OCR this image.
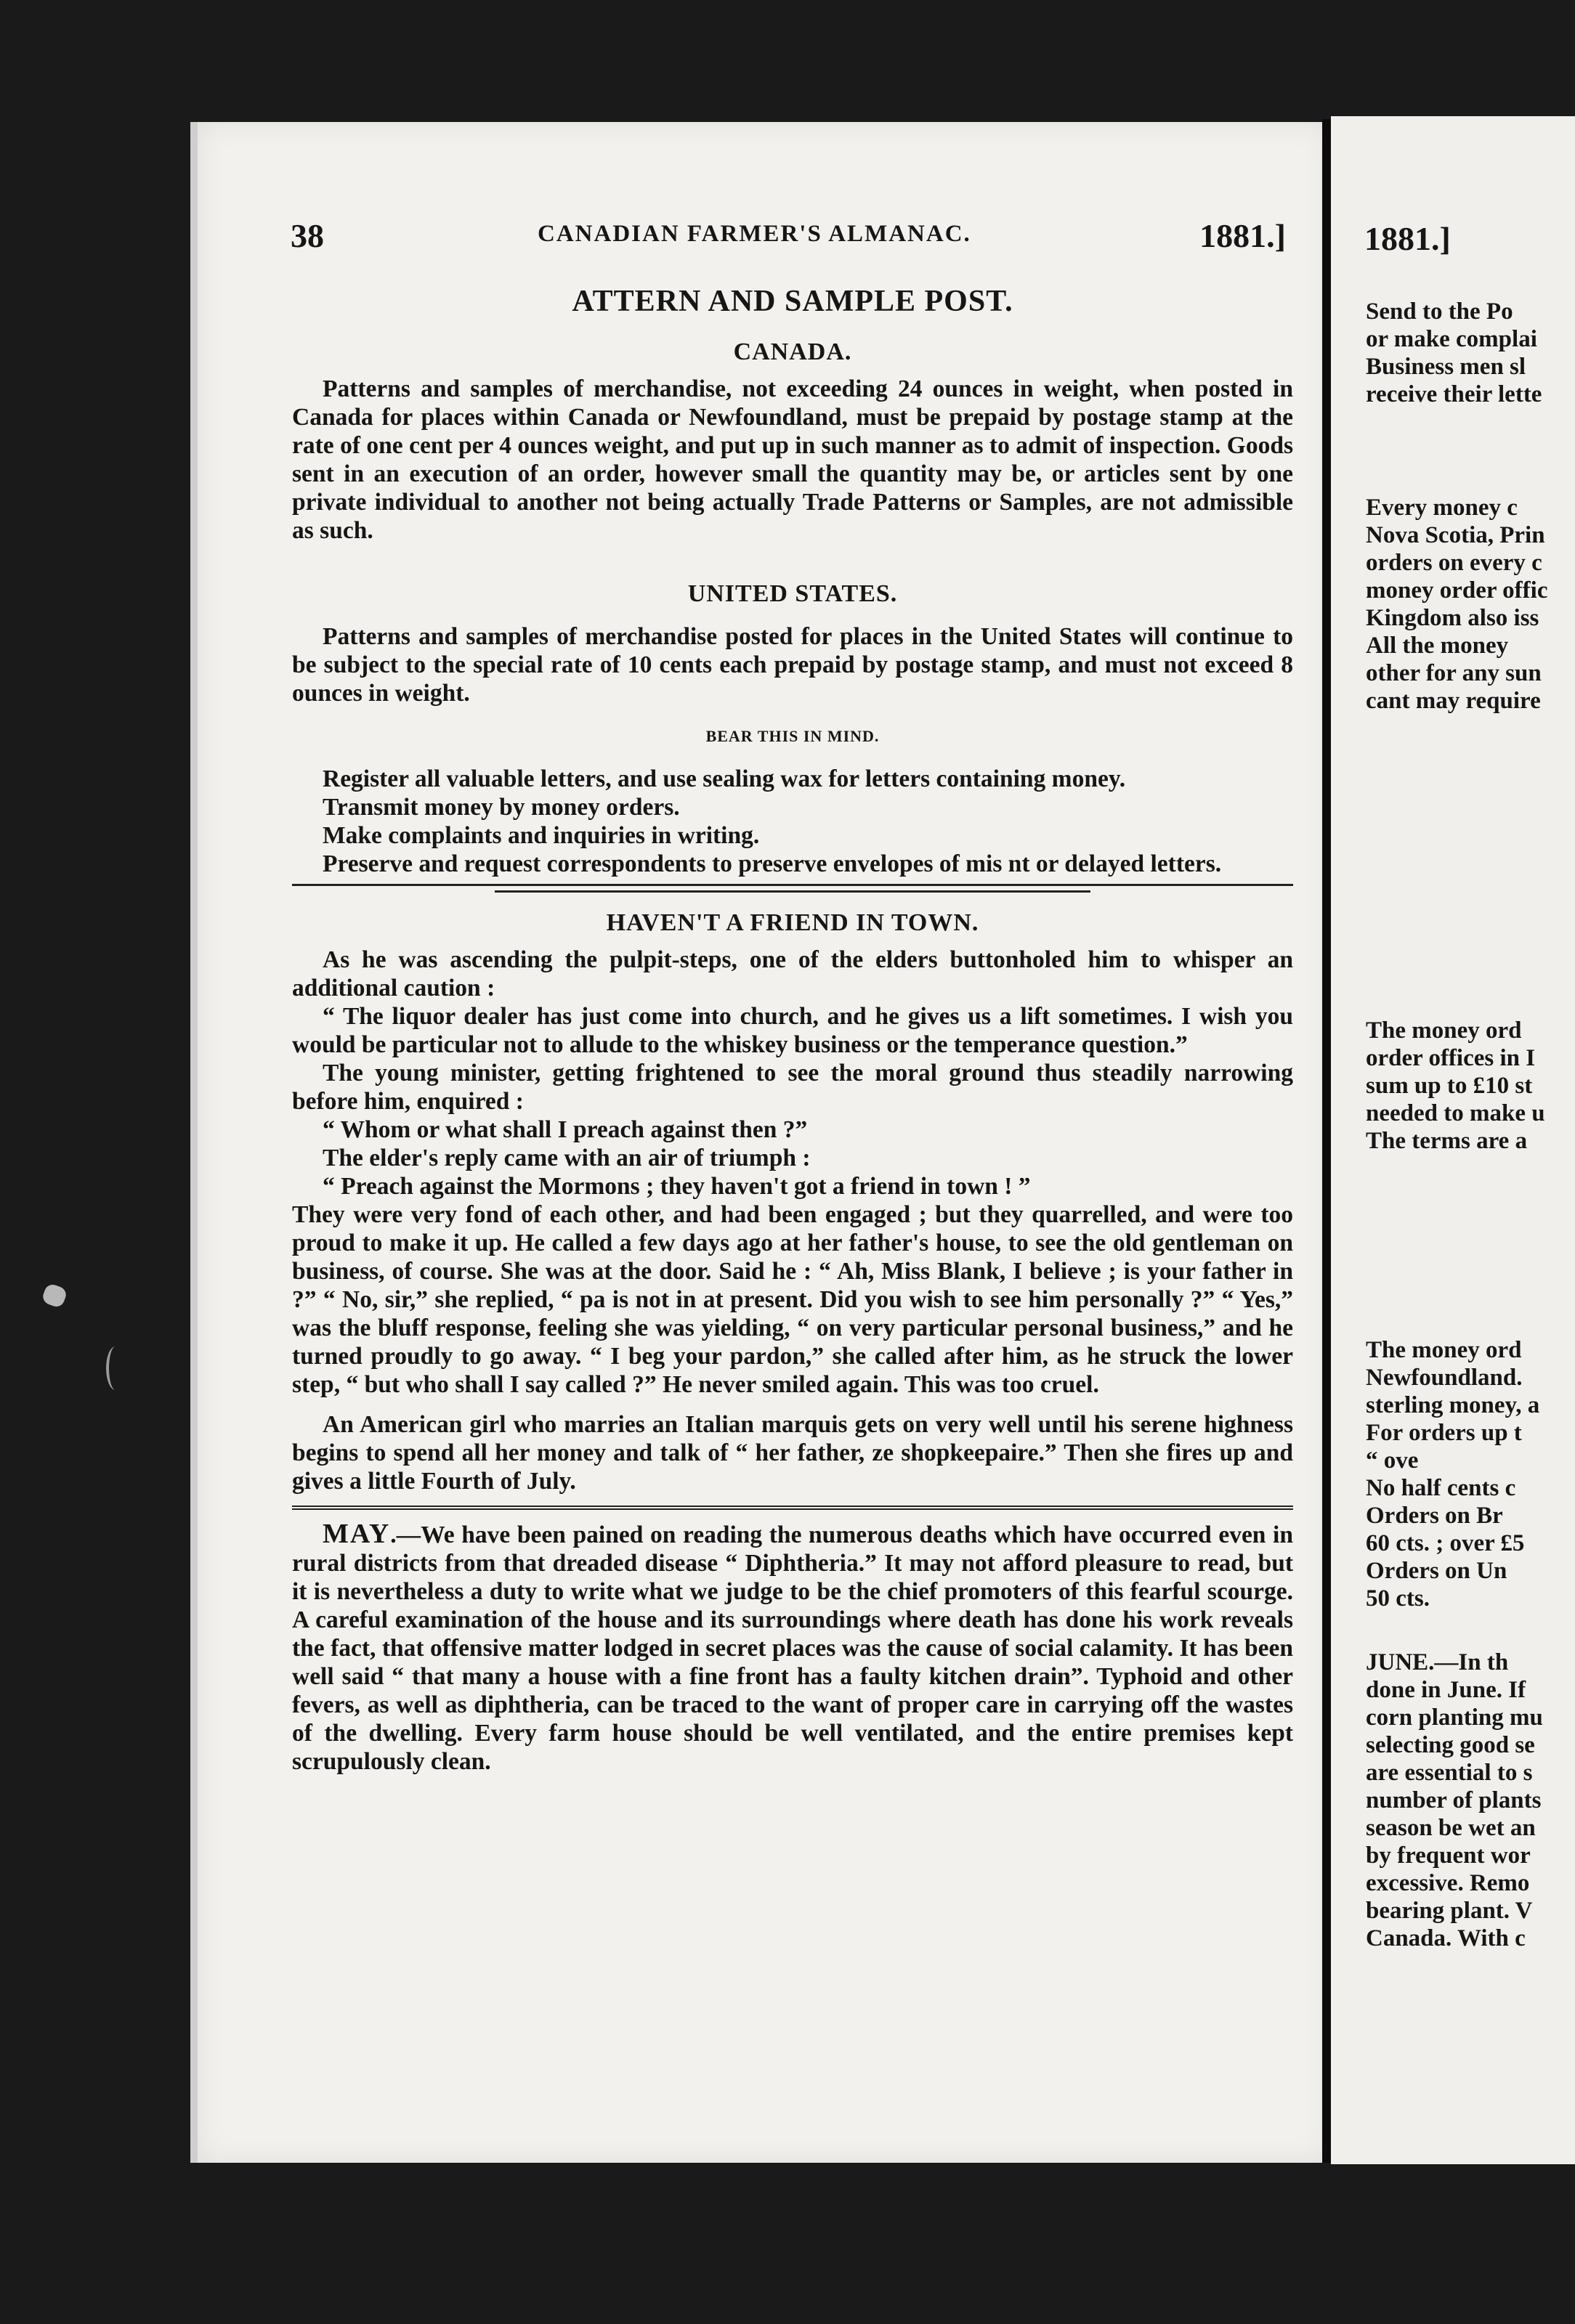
38	CANADIAN FARMER'S ALMANAC.	1881.]
ATTERN AND SAMPLE POST.
CANADA.

Patterns and samples of merchandise, not exceeding 24 ounces in weight, when posted in Canada for places within Canada or Newfoundland, must be prepaid by postage stamp at the rate of one cent per 4 ounces weight, and put up in such manner as to admit of inspection. Goods sent in an execution of an order, however small the quantity may be, or articles sent by one private individual to another not being actually Trade Patterns or Samples, are not admissible as such.

UNITED STATES.

Patterns and samples of merchandise posted for places in the United States will continue to be subject to the special rate of 10 cents each prepaid by postage stamp, and must not exceed 8 ounces in weight.

BEAR THIS IN MIND.

Register all valuable letters, and use sealing wax for letters containing money.

Transmit money by money orders.

Make complaints and inquiries in writing.

Preserve and request correspondents to preserve envelopes of mis nt or delayed letters.

HAVEN'T A FRIEND IN TOWN.

As he was ascending the pulpit-steps, one of the elders buttonholed him to whisper an additional caution :

“ The liquor dealer has just come into church, and he gives us a lift sometimes. I wish you would be particular not to allude to the whiskey business or the temperance question.”

The young minister, getting frightened to see the moral ground thus steadily narrowing before him, enquired :

“ Whom or what shall I preach against then ?”

The elder's reply came with an air of triumph :

“ Preach against the Mormons ; they haven't got a friend in town ! ”

They were very fond of each other, and had been engaged ; but they quarrelled, and were too proud to make it up. He called a few days ago at her father's house, to see the old gentleman on business, of course. She was at the door. Said he : “ Ah, Miss Blank, I believe ; is your father in ?” “ No, sir,” she replied, “ pa is not in at present. Did you wish to see him personally ?” “ Yes,” was the bluff response, feeling she was yielding, “ on very particular personal business,” and he turned proudly to go away. “ I beg your pardon,” she called after him, as he struck the lower step, “ but who shall I say called ?” He never smiled again. This was too cruel.

An American girl who marries an Italian marquis gets on very well until his serene highness begins to spend all her money and talk of “ her father, ze shopkeepaire.” Then she fires up and gives a little Fourth of July.

MAY.—We have been pained on reading the numerous deaths which have occurred even in rural districts from that dreaded disease “ Diphtheria.” It may not afford pleasure to read, but it is nevertheless a duty to write what we judge to be the chief promoters of this fearful scourge. A careful examination of the house and its surroundings where death has done his work reveals the fact, that offensive matter lodged in secret places was the cause of social calamity. It has been well said “ that many a house with a fine front has a faulty kitchen drain”. Typhoid and other fevers, as well as diphtheria, can be traced to the want of proper care in carrying off the wastes of the dwelling. Every farm house should be well ventilated, and the entire premises kept scrupulously clean.

1881.]
Send to the Po
or make complai
Business men sl
receive their lette
Every money c
Nova Scotia, Prin
orders on every c
money order offic
Kingdom also iss
All the money
other for any sun
cant may require
The money ord
order offices in I
sum up to £10 st
needed to make u
The terms are a
The money ord
Newfoundland.
sterling money, a
For orders up t
“ ove
No half cents c
Orders on Br
60 cts. ; over £5
Orders on Un
50 cts.
JUNE.—In th
done in June. If
corn planting mu
selecting good se
are essential to s
number of plants
season be wet an
by frequent wor
excessive. Remo
bearing plant. V
Canada. With c
